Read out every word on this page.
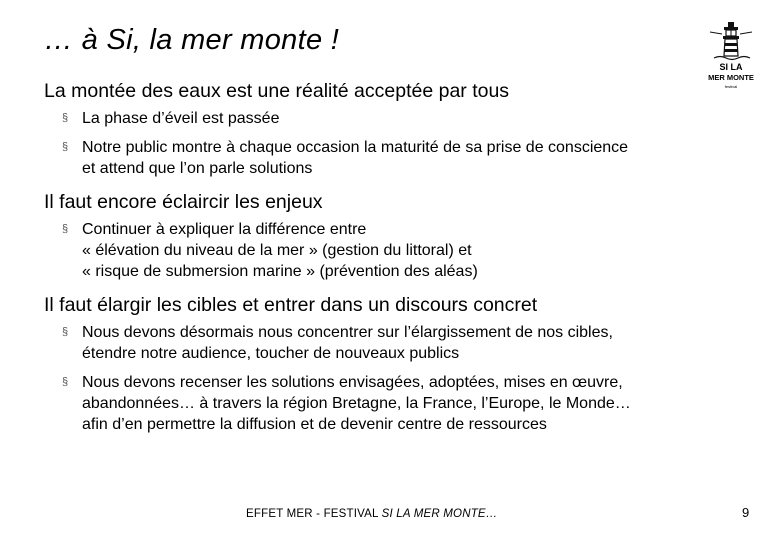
… à Si, la mer monte !
SI LA
MER MONTE
festival
La montée des eaux est une réalité acceptée par tous
§ La phase d’éveil est passée
§ Notre public montre à chaque occasion la maturité de sa prise de conscience
et attend que l’on parle solutions
Il faut encore éclaircir les enjeux
§ Continuer à expliquer la différence entre
« élévation du niveau de la mer » (gestion du littoral) et
« risque de submersion marine » (prévention des aléas)
Il faut élargir les cibles et entrer dans un discours concret
§ Nous devons désormais nous concentrer sur l’élargissement de nos cibles,
étendre notre audience, toucher de nouveaux publics
§ Nous devons recenser les solutions envisagées, adoptées, mises en œuvre,
abandonnées… à travers la région Bretagne, la France, l’Europe, le Monde…
afin d’en permettre la diffusion et de devenir centre de ressources
EFFET MER - FESTIVAL SI LA MER MONTE…	9
